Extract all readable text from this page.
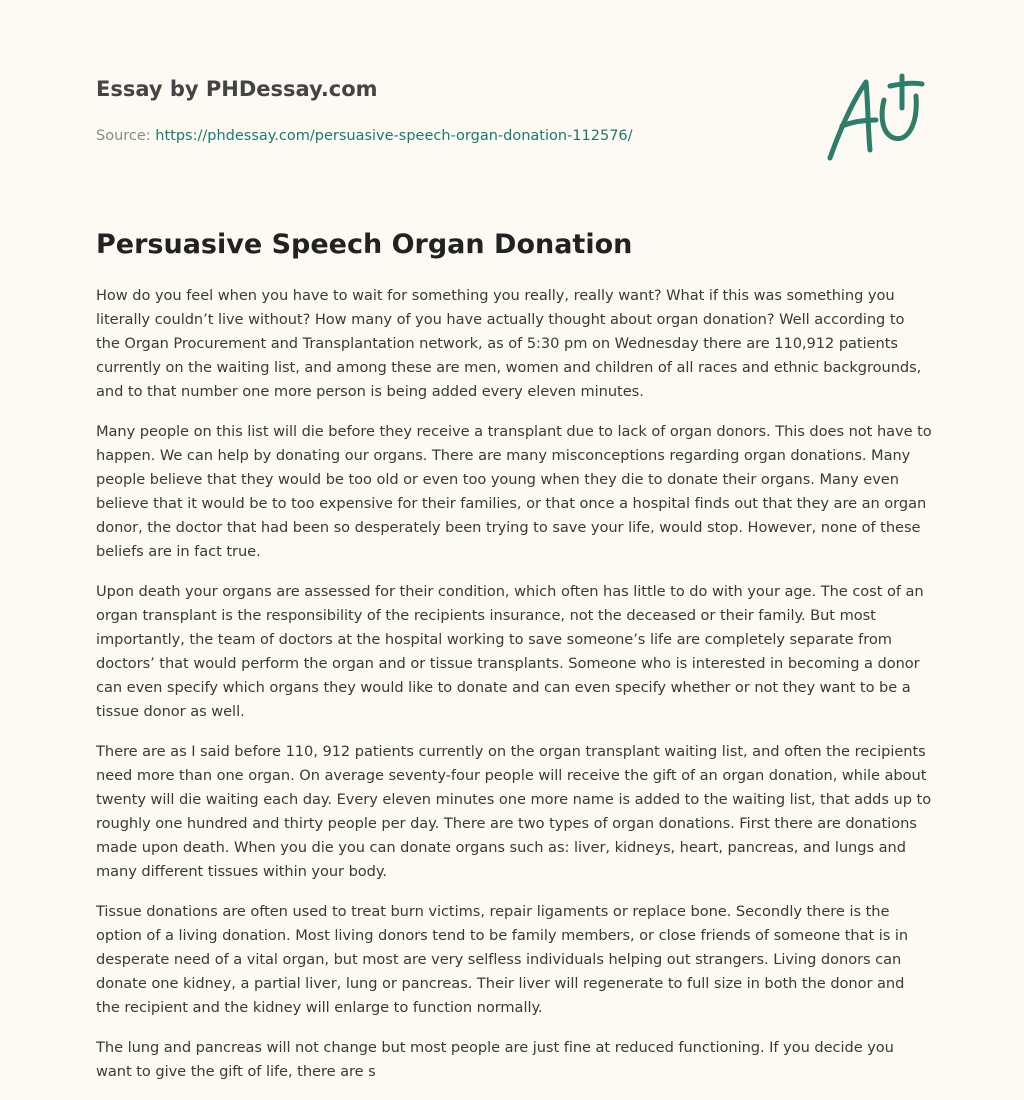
Essay by PHDessay.com
Source: https://phdessay.com/persuasive-speech-organ-donation-112576/
Persuasive Speech Organ Donation

How do you feel when you have to wait for something you really, really want? What if this was something you literally couldn’t live without? How many of you have actually thought about organ donation? Well according to the Organ Procurement and Transplantation network, as of 5:30 pm on Wednesday there are 110,912 patients currently on the waiting list, and among these are men, women and children of all races and ethnic backgrounds, and to that number one more person is being added every eleven minutes.

Many people on this list will die before they receive a transplant due to lack of organ donors. This does not have to happen. We can help by donating our organs. There are many misconceptions regarding organ donations. Many people believe that they would be too old or even too young when they die to donate their organs. Many even believe that it would be to too expensive for their families, or that once a hospital finds out that they are an organ donor, the doctor that had been so desperately been trying to save your life, would stop. However, none of these beliefs are in fact true.

Upon death your organs are assessed for their condition, which often has little to do with your age. The cost of an organ transplant is the responsibility of the recipients insurance, not the deceased or their family. But most importantly, the team of doctors at the hospital working to save someone’s life are completely separate from doctors’ that would perform the organ and or tissue transplants. Someone who is interested in becoming a donor can even specify which organs they would like to donate and can even specify whether or not they want to be a tissue donor as well.

There are as I said before 110, 912 patients currently on the organ transplant waiting list, and often the recipients need more than one organ. On average seventy-four people will receive the gift of an organ donation, while about twenty will die waiting each day. Every eleven minutes one more name is added to the waiting list, that adds up to roughly one hundred and thirty people per day. There are two types of organ donations. First there are donations made upon death. When you die you can donate organs such as: liver, kidneys, heart, pancreas, and lungs and many different tissues within your body.

Tissue donations are often used to treat burn victims, repair ligaments or replace bone. Secondly there is the option of a living donation. Most living donors tend to be family members, or close friends of someone that is in desperate need of a vital organ, but most are very selfless individuals helping out strangers. Living donors can donate one kidney, a partial liver, lung or pancreas. Their liver will regenerate to full size in both the donor and the recipient and the kidney will enlarge to function normally.

The lung and pancreas will not change but most people are just fine at reduced functioning. If you decide you want to give the gift of life, there are s
